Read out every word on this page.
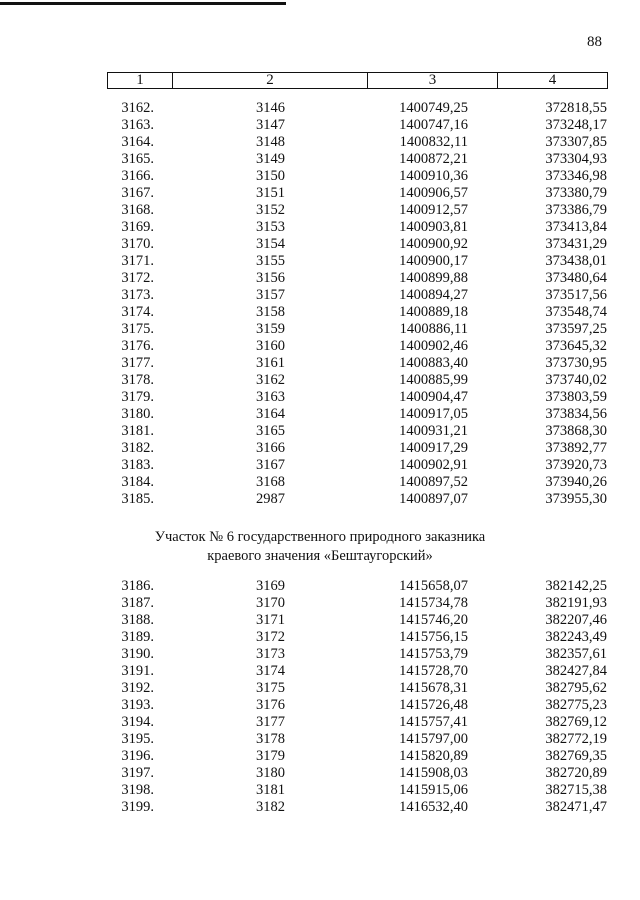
88
1	2	3	4
3162.	3146	1400749,25	372818,55
3163.	3147	1400747,16	373248,17
3164.	3148	1400832,11	373307,85
3165.	3149	1400872,21	373304,93
3166.	3150	1400910,36	373346,98
3167.	3151	1400906,57	373380,79
3168.	3152	1400912,57	373386,79
3169.	3153	1400903,81	373413,84
3170.	3154	1400900,92	373431,29
3171.	3155	1400900,17	373438,01
3172.	3156	1400899,88	373480,64
3173.	3157	1400894,27	373517,56
3174.	3158	1400889,18	373548,74
3175.	3159	1400886,11	373597,25
3176.	3160	1400902,46	373645,32
3177.	3161	1400883,40	373730,95
3178.	3162	1400885,99	373740,02
3179.	3163	1400904,47	373803,59
3180.	3164	1400917,05	373834,56
3181.	3165	1400931,21	373868,30
3182.	3166	1400917,29	373892,77
3183.	3167	1400902,91	373920,73
3184.	3168	1400897,52	373940,26
3185.	2987	1400897,07	373955,30
Участок № 6 государственного природного заказника
краевого значения «Бештаугорский»
3186.	3169	1415658,07	382142,25
3187.	3170	1415734,78	382191,93
3188.	3171	1415746,20	382207,46
3189.	3172	1415756,15	382243,49
3190.	3173	1415753,79	382357,61
3191.	3174	1415728,70	382427,84
3192.	3175	1415678,31	382795,62
3193.	3176	1415726,48	382775,23
3194.	3177	1415757,41	382769,12
3195.	3178	1415797,00	382772,19
3196.	3179	1415820,89	382769,35
3197.	3180	1415908,03	382720,89
3198.	3181	1415915,06	382715,38
3199.	3182	1416532,40	382471,47
